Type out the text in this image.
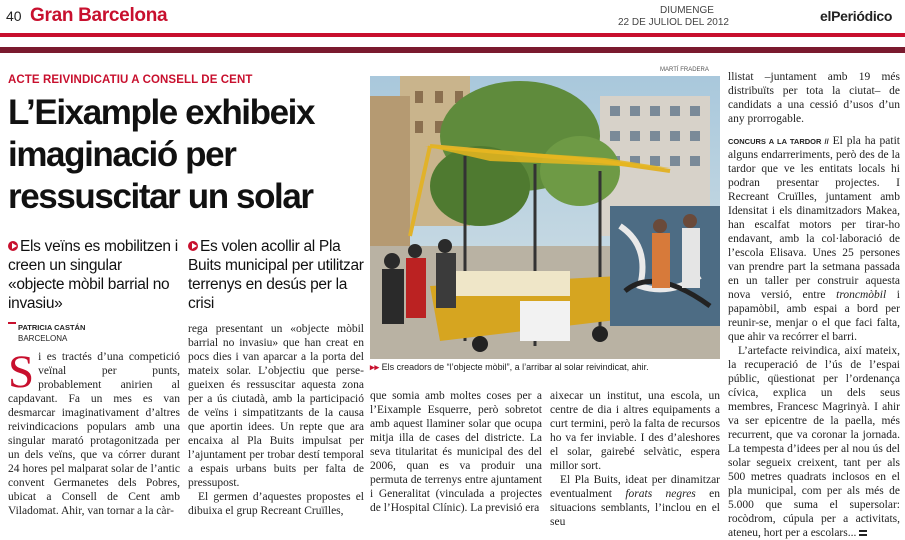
40 Gran Barcelona	DIUMENGE
22 DE JULIOL DEL 2012	elPeriódico
ACTE REIVINDICATIU A CONSELL DE CENT
L’Eixample exhibeix imaginació per ressuscitar un solar
Els veïns es mobilitzen i creen un singular «objecte mòbil barrial no invasiu»
Es volen acollir al Pla Buits municipal per utilitzar terrenys en desús per la crisi
PATRICIA CASTÁN
BARCELONA

Si es tractés d’una competició veïnal per punts, probablement anirien al capdavant. Fa un mes es van desmarcar imaginativament d’altres reivindicacions populars amb una singular marató protagonitzada per un dels veïns, que va córrer durant 24 hores pel malparat solar de l’antic convent Germanetes dels Pobres, ubicat a Consell de Cent amb Viladomat. Ahir, van tornar a la càr-

rega presentant un «objecte mòbil barrial no invasiu» que han creat en pocs dies i van aparcar a la porta del mateix solar. L’objectiu que persegueixen és ressuscitar aquesta zona per a ús ciutadà, amb la participació de veïns i simpatitzants de la causa que aportin idees. Un repte que ara encaixa al Pla Buits impulsat per l’ajuntament per trobar destí temporal a espais urbans buits per falta de pressupost.

El germen d’aquestes propostes el dibuixa el grup Recreant Cruïlles,

MARTÍ FRADERA
▸▸ Els creadors de “l’objecte mòbil”, a l’arribar al solar reivindicat, ahir.

que somia amb moltes coses per a l’Eixample Esquerre, però sobretot amb aquest llaminer solar que ocupa mitja illa de cases del districte. La seva titularitat és municipal des del 2006, quan es va produir una permuta de terrenys entre ajuntament i Generalitat (vinculada a projectes de l’Hospital Clínic). La previsió era

aixecar un institut, una escola, un centre de dia i altres equipaments a curt termini, però la falta de recursos ho va fer inviable. I des d’aleshores el solar, gairebé selvàtic, espera millor sort.

El Pla Buits, ideat per dinamitzar eventualment forats negres en situacions semblants, l’inclou en el seu

llistat –juntament amb 19 més distribuïts per tota la ciutat– de candidats a una cessió d’usos d’un any prorrogable.

CONCURS A LA TARDOR // El pla ha patit alguns endarreriments, però des de la tardor que ve les entitats locals hi podran presentar projectes. I Recreant Cruïlles, juntament amb Idensitat i els dinamitzadors Makea, han escalfat motors per tirar-ho endavant, amb la col·laboració de l’escola Elisava. Unes 25 persones van prendre part la setmana passada en un taller per construir aquesta nova versió, entre troncmòbil i papamòbil, amb espai a bord per reunir-se, menjar o el que faci falta, que ahir va recórrer el barri.

L’artefacte reivindica, així mateix, la recuperació de l’ús de l’espai públic, qüestionat per l’ordenança cívica, explica un dels seus membres, Francesc Magrinyà. I ahir va ser epicentre de la paella, més recurrent, que va coronar la jornada. La tempesta d’idees per al nou ús del solar segueix creixent, tant per als 500 metres quadrats inclosos en el pla municipal, com per als més de 5.000 que suma el supersolar: rocòdrom, cúpula per a activitats, ateneu, hort per a escolars...
